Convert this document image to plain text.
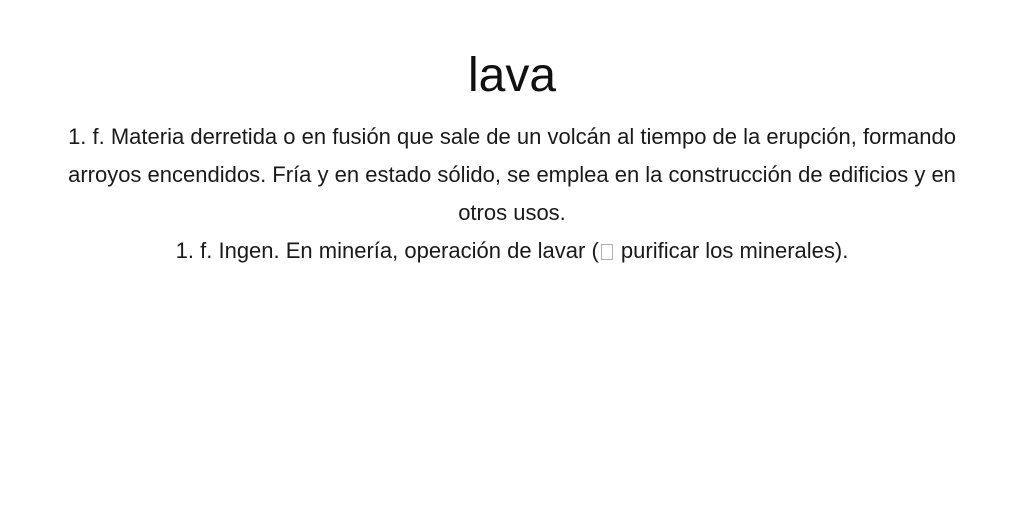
lava

1. f. Materia derretida o en fusión que sale de un volcán al tiempo de la erupción, formando arroyos encendidos. Fría y en estado sólido, se emplea en la construcción de edificios y en otros usos.

1. f. Ingen. En minería, operación de lavar ( purificar los minerales).
